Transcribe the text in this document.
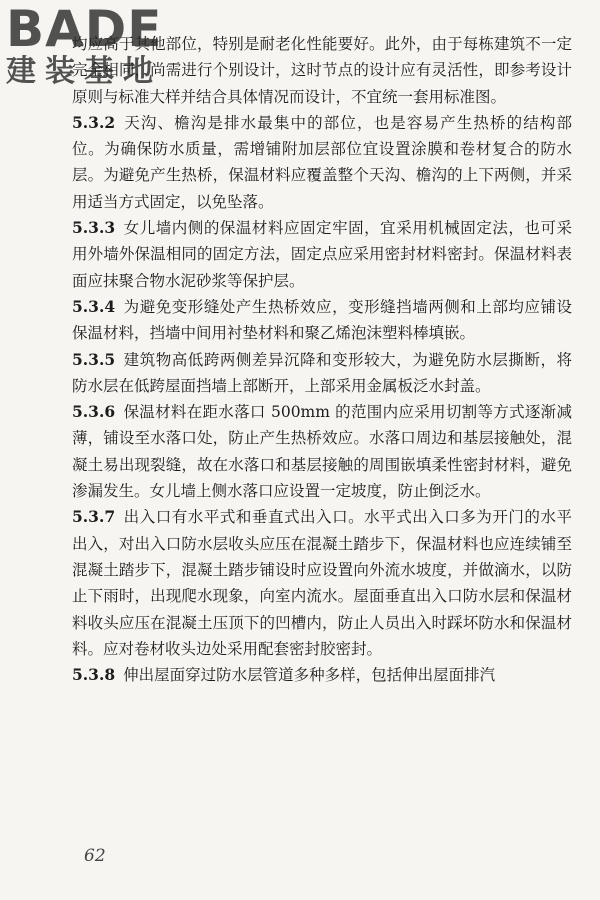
BADE
建装基地

均应高于其他部位，特别是耐老化性能要好。此外，由于每栋建筑不一定完全相同，尚需进行个别设计，这时节点的设计应有灵活性，即参考设计原则与标准大样并结合具体情况而设计，不宜统一套用标准图。

5.3.2 天沟、檐沟是排水最集中的部位，也是容易产生热桥的结构部位。为确保防水质量，需增铺附加层部位宜设置涂膜和卷材复合的防水层。为避免产生热桥，保温材料应覆盖整个天沟、檐沟的上下两侧，并采用适当方式固定，以免坠落。

5.3.3 女儿墙内侧的保温材料应固定牢固，宜采用机械固定法，也可采用外墙外保温相同的固定方法，固定点应采用密封材料密封。保温材料表面应抹聚合物水泥砂浆等保护层。

5.3.4 为避免变形缝处产生热桥效应，变形缝挡墙两侧和上部均应铺设保温材料，挡墙中间用衬垫材料和聚乙烯泡沫塑料棒填嵌。

5.3.5 建筑物高低跨两侧差异沉降和变形较大，为避免防水层撕断，将防水层在低跨屋面挡墙上部断开，上部采用金属板泛水封盖。

5.3.6 保温材料在距水落口 500mm 的范围内应采用切割等方式逐渐减薄，铺设至水落口处，防止产生热桥效应。水落口周边和基层接触处，混凝土易出现裂缝，故在水落口和基层接触的周围嵌填柔性密封材料，避免渗漏发生。女儿墙上侧水落口应设置一定坡度，防止倒泛水。

5.3.7 出入口有水平式和垂直式出入口。水平式出入口多为开门的水平出入，对出入口防水层收头应压在混凝土踏步下，保温材料也应连续铺至混凝土踏步下，混凝土踏步铺设时应设置向外流水坡度，并做滴水，以防止下雨时，出现爬水现象，向室内流水。屋面垂直出入口防水层和保温材料收头应压在混凝土压顶下的凹槽内，防止人员出入时踩坏防水和保温材料。应对卷材收头边处采用配套密封胶密封。

5.3.8 伸出屋面穿过防水层管道多种多样，包括伸出屋面排汽

62
